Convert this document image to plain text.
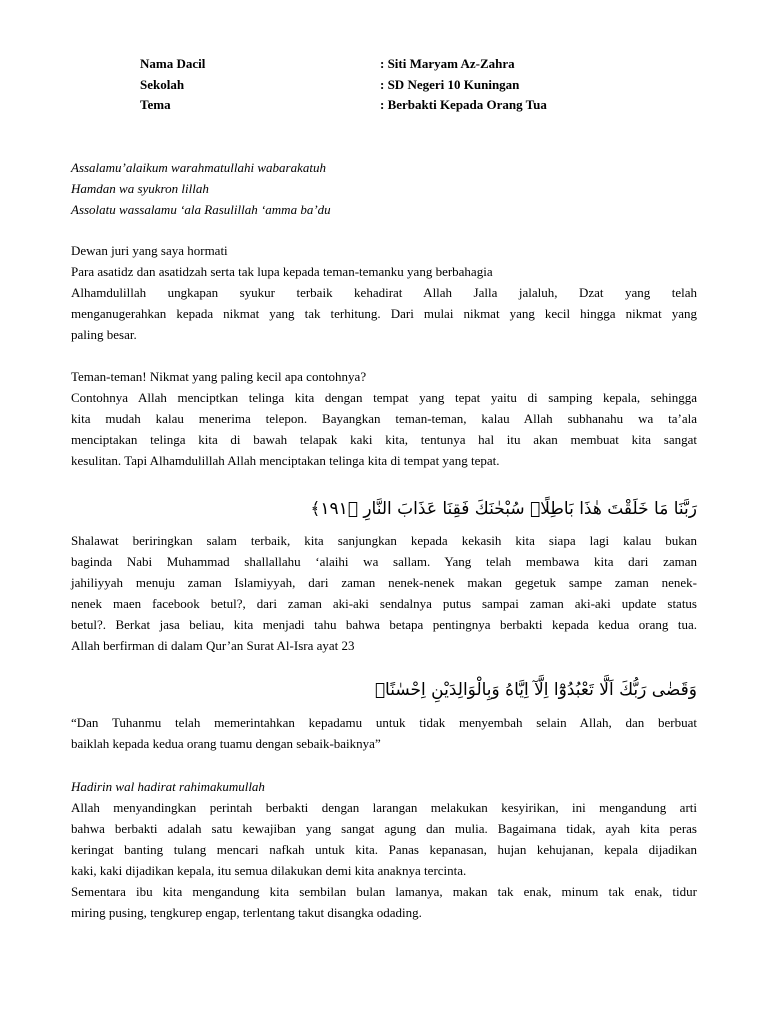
Nama Dacil	: Siti Maryam Az-Zahra
Sekolah	: SD Negeri 10 Kuningan
Tema	: Berbakti Kepada Orang Tua
Assalamu’alaikum warahmatullahi wabarakatuh
Hamdan wa syukron lillah
Assolatu wassalamu ‘ala Rasulillah ‘amma ba’du
Dewan juri yang saya hormati
Para asatidz dan asatidzah serta tak lupa kepada teman-temanku yang berbahagia
Alhamdulillah ungkapan syukur terbaik kehadirat Allah Jalla jalaluh, Dzat yang telah
menganugerahkan kepada nikmat yang tak terhitung. Dari mulai nikmat yang kecil hingga nikmat yang
paling besar.
Teman-teman! Nikmat yang paling kecil apa contohnya?
Contohnya Allah menciptkan telinga kita dengan tempat yang tepat yaitu di samping kepala, sehingga
kita mudah kalau menerima telepon. Bayangkan teman-teman, kalau Allah subhanahu wa ta’ala
menciptakan telinga kita di bawah telapak kaki kita, tentunya hal itu akan membuat kita sangat
kesulitan. Tapi Alhamdulillah Allah menciptakan telinga kita di tempat yang tepat.
رَبَّنَا مَا خَلَقْتَ هٰذَا بَاطِلًاۚ سُبْحٰنَكَ فَقِنَا عَذَابَ النَّارِ ﴿١٩١﴾
Shalawat beriringkan salam terbaik, kita sanjungkan kepada kekasih kita siapa lagi kalau bukan
baginda Nabi Muhammad shallallahu ‘alaihi wa sallam. Yang telah membawa kita dari zaman
jahiliyyah menuju zaman Islamiyyah, dari zaman nenek-nenek makan gegetuk sampe zaman nenek-
nenek maen facebook betul?, dari zaman aki-aki sendalnya putus sampai zaman aki-aki update status
betul?. Berkat jasa beliau, kita menjadi tahu bahwa betapa pentingnya berbakti kepada kedua orang tua.
Allah berfirman di dalam Qur’an Surat Al-Isra ayat 23
وَقَضٰى رَبُّكَ اَلَّا تَعْبُدُوْٓا اِلَّآ اِيَّاهُ وَبِالْوَالِدَيْنِ اِحْسٰنًاۗ
“Dan Tuhanmu telah memerintahkan kepadamu untuk tidak menyembah selain Allah, dan berbuat
baiklah kepada kedua orang tuamu dengan sebaik-baiknya”
Hadirin wal hadirat rahimakumullah
Allah menyandingkan perintah berbakti dengan larangan melakukan kesyirikan, ini mengandung arti
bahwa berbakti adalah satu kewajiban yang sangat agung dan mulia. Bagaimana tidak, ayah kita peras
keringat banting tulang mencari nafkah untuk kita. Panas kepanasan, hujan kehujanan, kepala dijadikan
kaki, kaki dijadikan kepala, itu semua dilakukan demi kita anaknya tercinta.
Sementara ibu kita mengandung kita sembilan bulan lamanya, makan tak enak, minum tak enak, tidur
miring pusing, tengkurep engap, terlentang takut disangka odading.
